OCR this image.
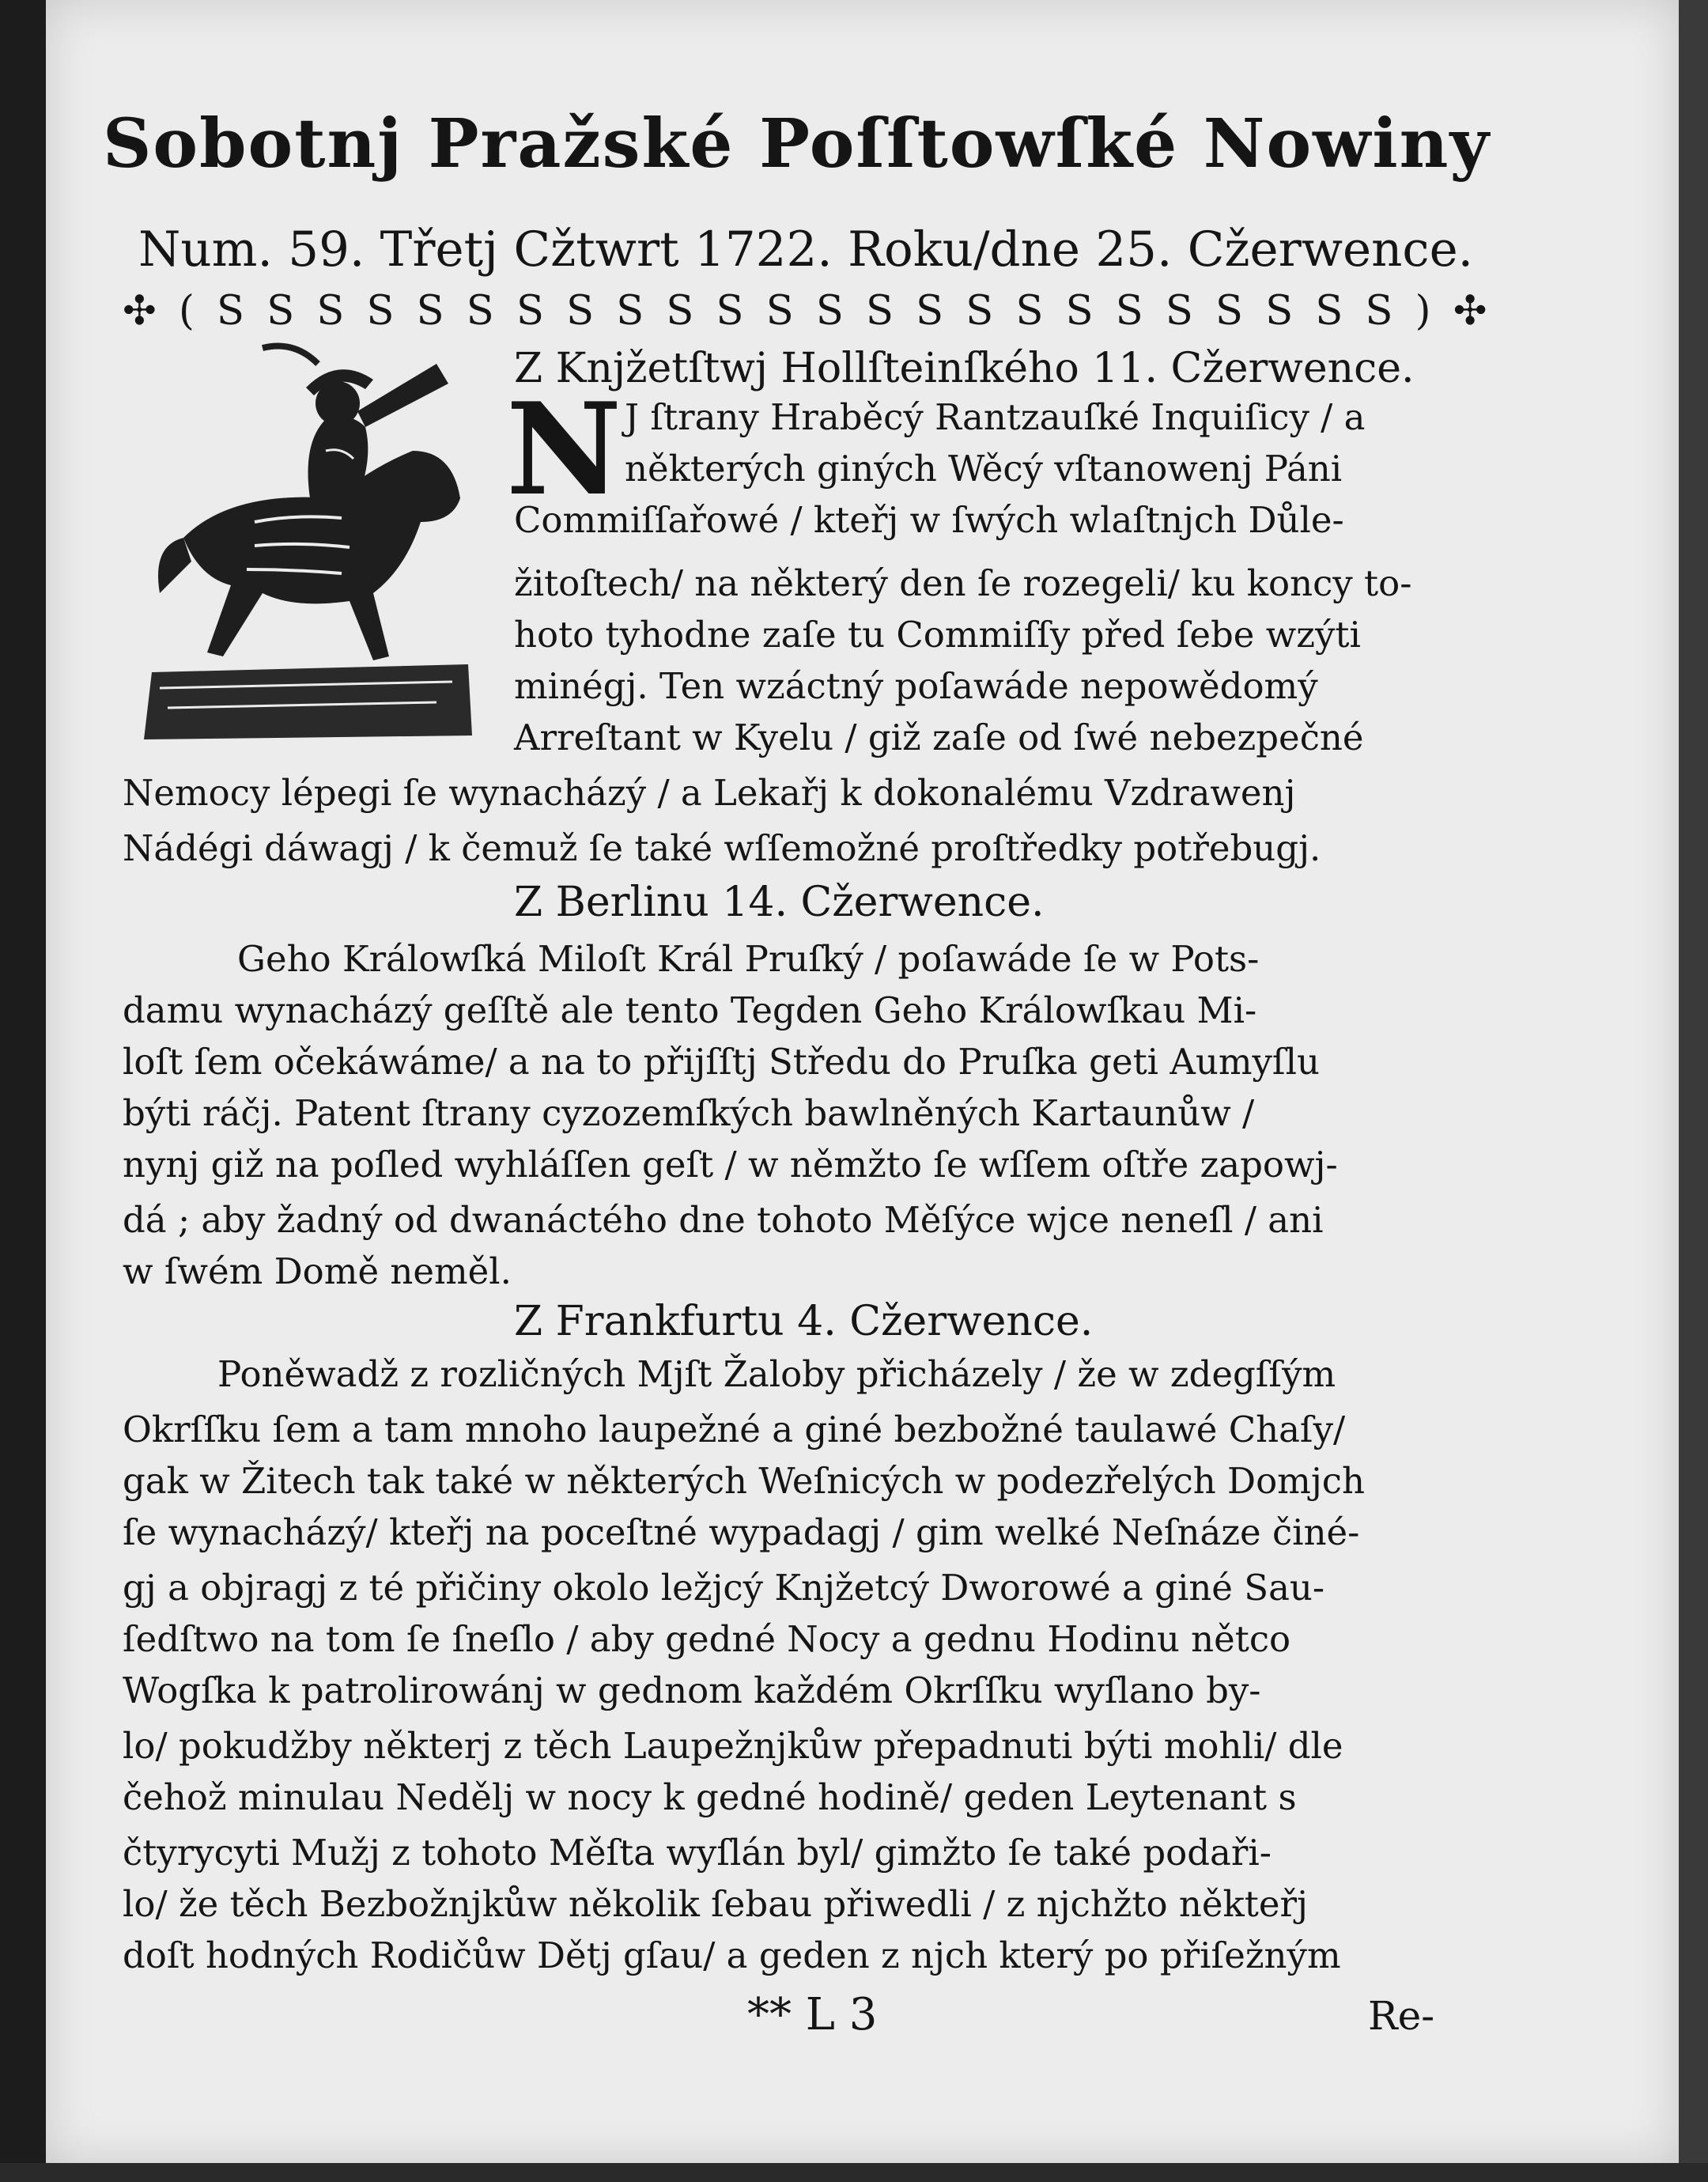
Sobotnj Pražské Poſſtowſké Nowiny
Num. 59. Třetj Cžtwrt 1722. Roku/dne 25. Cžerwence.
✣ ( S S S S S S S S S S S S S S S S S S S S S S S S ) ✣
Z Knjžetſtwj Hollſteinſkého 11. Cžerwence.
N J ſtrany Hraběcý Rantzauſké Inquiſicy / a
některých giných Wěcý vſtanowenj Páni
Commiſſařowé / kteřj w ſwých wlaſtnjch Důle-
žitoſtech/ na některý den ſe rozegeli/ ku koncy to-
hoto tyhodne zaſe tu Commiſſy před ſebe wzýti
minégj. Ten wzáctný poſawáde nepowědomý
Arreſtant w Kyelu / giž zaſe od ſwé nebezpečné
Nemocy lépegi ſe wynacházý / a Lekařj k dokonalému Vzdrawenj
Nádégi dáwagj / k čemuž ſe také wſſemožné proſtředky potřebugj.
Z Berlinu 14. Cžerwence.
Geho Králowſká Miloſt Král Pruſký / poſawáde ſe w Pots-
damu wynacházý geſſtě ale tento Tegden Geho Králowſkau Mi-
loſt ſem očekáwáme/ a na to přijſſtj Středu do Pruſka geti Aumyſlu
býti ráčj. Patent ſtrany cyzozemſkých bawlněných Kartaunůw /
nynj giž na poſled wyhláſſen geſt / w němžto ſe wſſem oſtře zapowj-
dá ; aby žadný od dwanáctého dne tohoto Měſýce wjce neneſl / ani
w ſwém Domě neměl.
Z Frankfurtu 4. Cžerwence.
Poněwadž z rozličných Mjſt Žaloby přicházely / že w zdegſſým
Okrſſku ſem a tam mnoho laupežné a giné bezbožné taulawé Chaſy/
gak w Žitech tak také w některých Weſnicých w podezřelých Domjch
ſe wynacházý/ kteřj na poceſtné wypadagj / gim welké Neſnáze činé-
gj a objragj z té přičiny okolo ležjcý Knjžetcý Dworowé a giné Sau-
ſedſtwo na tom ſe ſneſlo / aby gedné Nocy a gednu Hodinu nětco
Wogſka k patrolirowánj w gednom každém Okrſſku wyſlano by-
lo/ pokudžby některj z těch Laupežnjkůw přepadnuti býti mohli/ dle
čehož minulau Nedělj w nocy k gedné hodině/ geden Leytenant s
čtyrycyti Mužj z tohoto Měſta wyſlán byl/ gimžto ſe také podaři-
lo/ že těch Bezbožnjkůw několik ſebau přiwedli / z njchžto někteřj
doſt hodných Rodičůw Dětj gſau/ a geden z njch který po přiſežným
** L 3	Re-
